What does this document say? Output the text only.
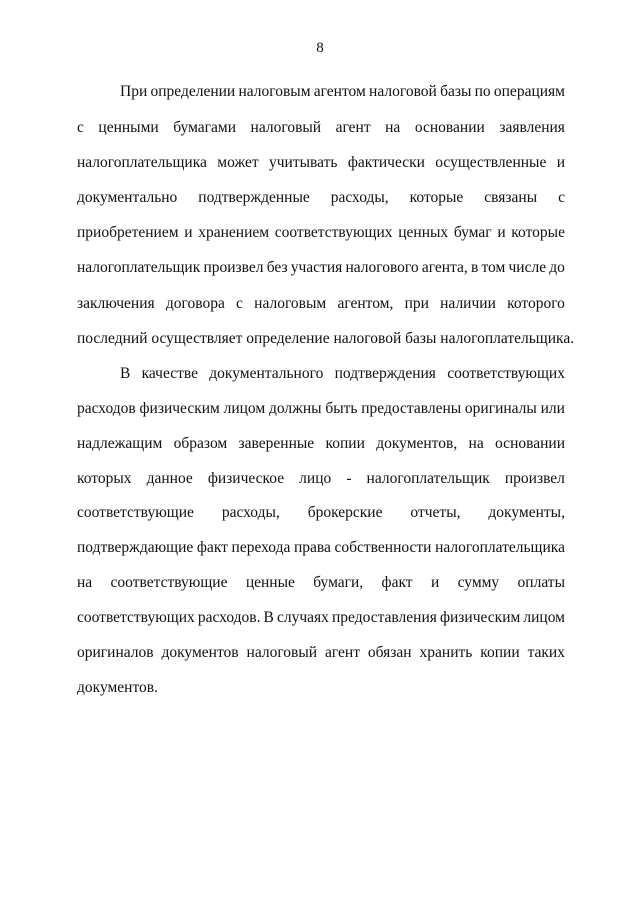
8
При определении налоговым агентом налоговой базы по операциям
с ценными бумагами налоговый агент на основании заявления
налогоплательщика может учитывать фактически осуществленные и
документально подтвержденные расходы, которые связаны с
приобретением и хранением соответствующих ценных бумаг и которые
налогоплательщик произвел без участия налогового агента, в том числе до
заключения договора с налоговым агентом, при наличии которого
последний осуществляет определение налоговой базы налогоплательщика.
В качестве документального подтверждения соответствующих
расходов физическим лицом должны быть предоставлены оригиналы или
надлежащим образом заверенные копии документов, на основании
которых данное физическое лицо - налогоплательщик произвел
соответствующие расходы, брокерские отчеты, документы,
подтверждающие факт перехода права собственности налогоплательщика
на соответствующие ценные бумаги, факт и сумму оплаты
соответствующих расходов. В случаях предоставления физическим лицом
оригиналов документов налоговый агент обязан хранить копии таких
документов.
